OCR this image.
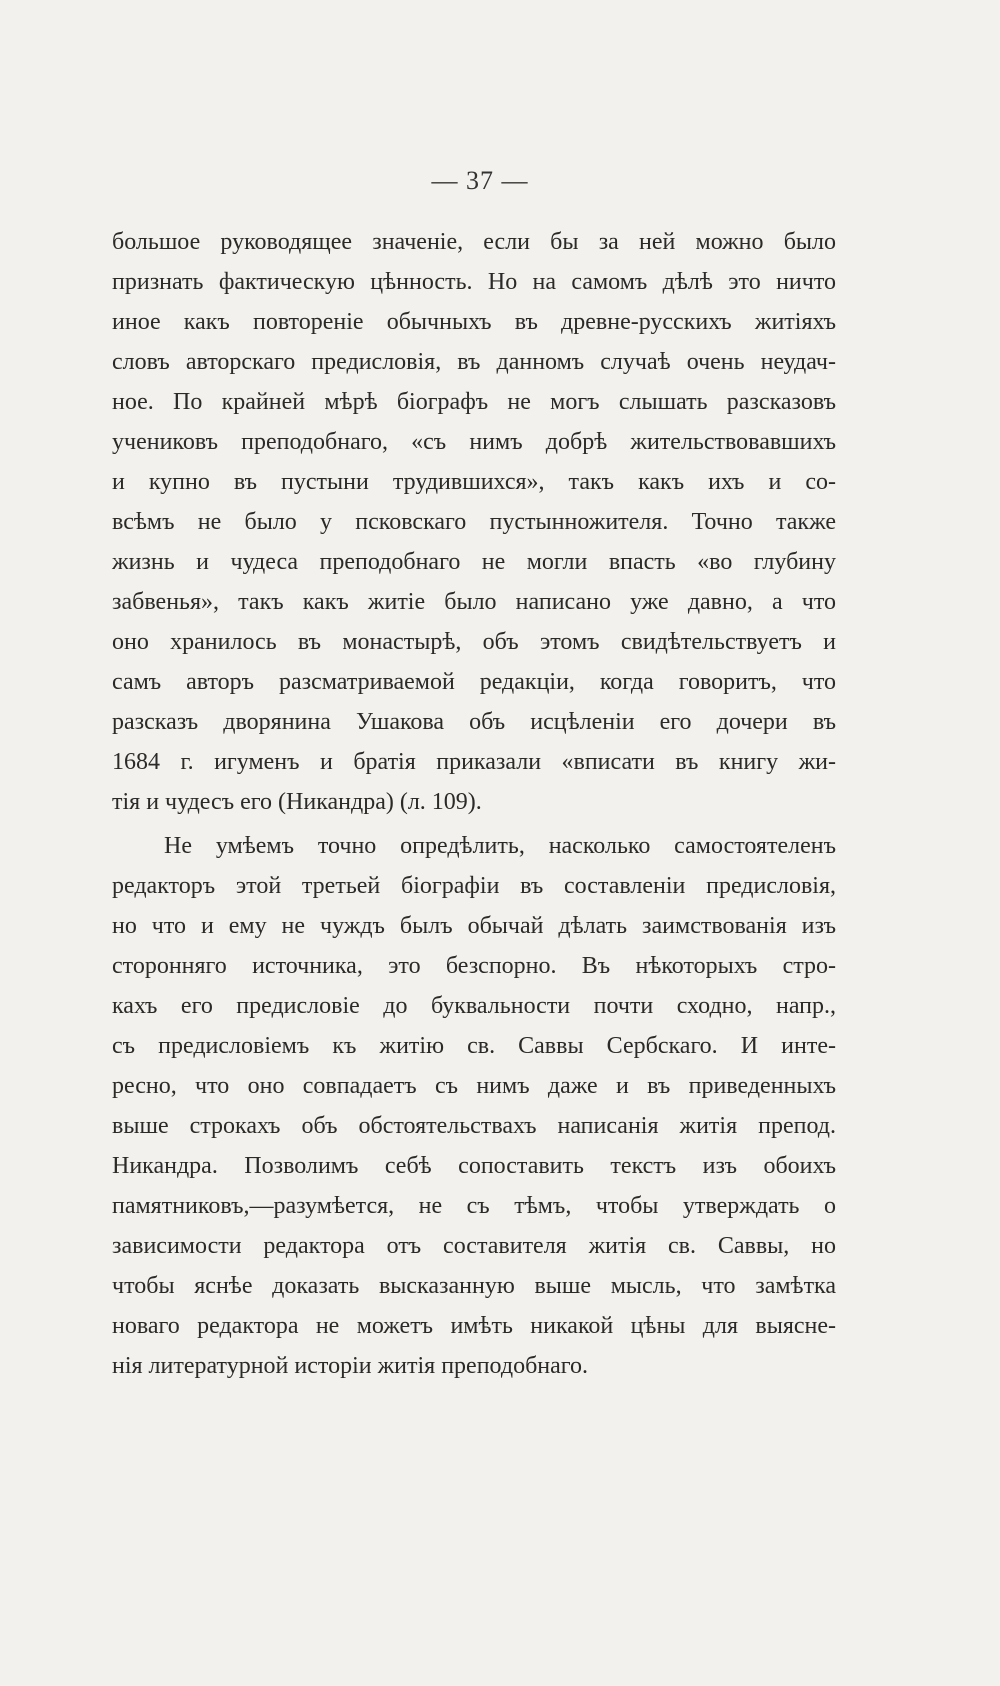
— 37 —
большое руководящее значеніе, если бы за ней можно было
признать фактическую цѣнность. Но на самомъ дѣлѣ это ничто
иное какъ повтореніе обычныхъ въ древне-русскихъ житіяхъ
словъ авторскаго предисловія, въ данномъ случаѣ очень неудач-
ное. По крайней мѣрѣ біографъ не могъ слышать разсказовъ
учениковъ преподобнаго, «съ нимъ добрѣ жительствовавшихъ
и купно въ пустыни трудившихся», такъ какъ ихъ и со-
всѣмъ не было у псковскаго пустынножителя. Точно также
жизнь и чудеса преподобнаго не могли впасть «во глубину
забвенья», такъ какъ житіе было написано уже давно, а что
оно хранилось въ монастырѣ, объ этомъ свидѣтельствуетъ и
самъ авторъ разсматриваемой редакціи, когда говоритъ, что
разсказъ дворянина Ушакова объ исцѣленіи его дочери въ
1684 г. игуменъ и братія приказали «вписати въ книгу жи-
тія и чудесъ его (Никандра) (л. 109).
Не умѣемъ точно опредѣлить, насколько самостоятеленъ
редакторъ этой третьей біографіи въ составленіи предисловія,
но что и ему не чуждъ былъ обычай дѣлать заимствованія изъ
сторонняго источника, это безспорно. Въ нѣкоторыхъ стро-
кахъ его предисловіе до буквальности почти сходно, напр.,
съ предисловіемъ къ житію св. Саввы Сербскаго. И инте-
ресно, что оно совпадаетъ съ нимъ даже и въ приведенныхъ
выше строкахъ объ обстоятельствахъ написанія житія препод.
Никандра. Позволимъ себѣ сопоставить текстъ изъ обоихъ
памятниковъ,—разумѣется, не съ тѣмъ, чтобы утверждать о
зависимости редактора отъ составителя житія св. Саввы, но
чтобы яснѣе доказать высказанную выше мысль, что замѣтка
новаго редактора не можетъ имѣть никакой цѣны для выясне-
нія литературной исторіи житія преподобнаго.
